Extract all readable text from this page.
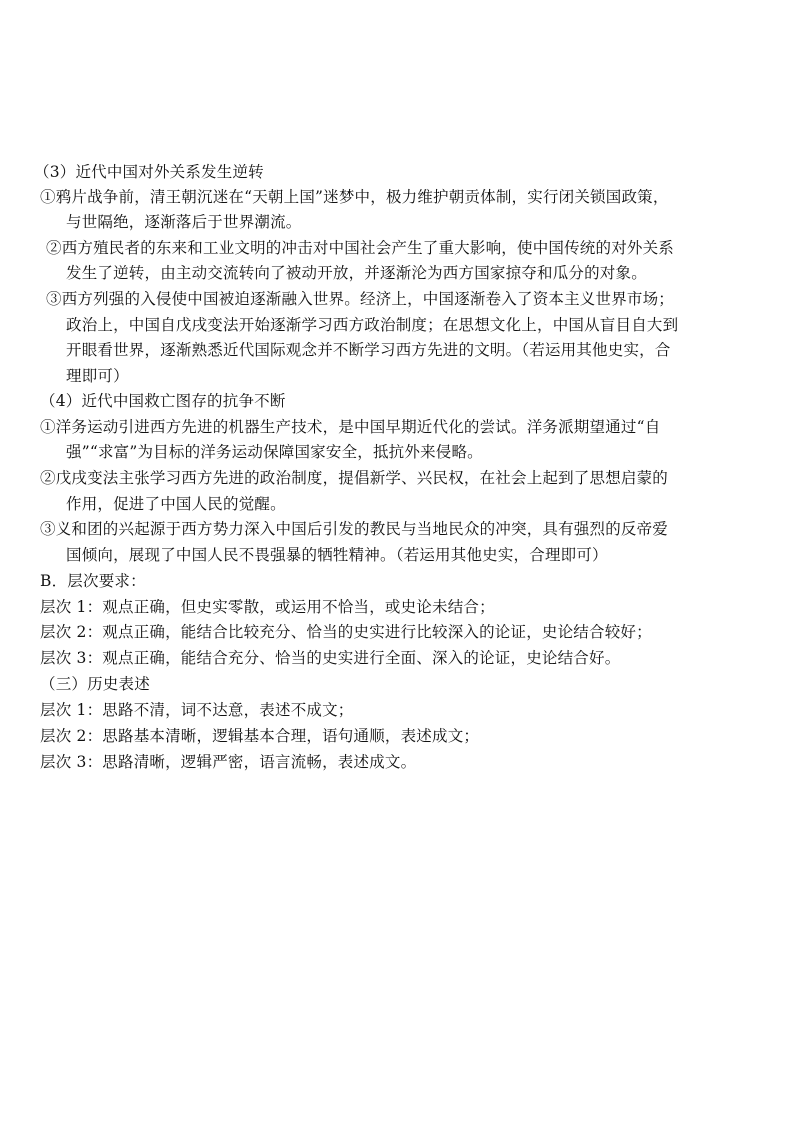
（3）近代中国对外关系发生逆转
①鸦片战争前，清王朝沉迷在“天朝上国”迷梦中，极力维护朝贡体制，实行闭关锁国政策，
与世隔绝，逐渐落后于世界潮流。
②西方殖民者的东来和工业文明的冲击对中国社会产生了重大影响，使中国传统的对外关系
发生了逆转，由主动交流转向了被动开放，并逐渐沦为西方国家掠夺和瓜分的对象。
③西方列强的入侵使中国被迫逐渐融入世界。经济上，中国逐渐卷入了资本主义世界市场；
政治上，中国自戊戌变法开始逐渐学习西方政治制度；在思想文化上，中国从盲目自大到
开眼看世界，逐渐熟悉近代国际观念并不断学习西方先进的文明。（若运用其他史实，合
理即可）
（4）近代中国救亡图存的抗争不断
①洋务运动引进西方先进的机器生产技术，是中国早期近代化的尝试。洋务派期望通过“自
强”“求富”为目标的洋务运动保障国家安全，抵抗外来侵略。
②戊戌变法主张学习西方先进的政治制度，提倡新学、兴民权，在社会上起到了思想启蒙的
作用，促进了中国人民的觉醒。
③义和团的兴起源于西方势力深入中国后引发的教民与当地民众的冲突，具有强烈的反帝爱
国倾向，展现了中国人民不畏强暴的牺牲精神。（若运用其他史实，合理即可）
B．层次要求：
层次 1：观点正确，但史实零散，或运用不恰当，或史论未结合；
层次 2：观点正确，能结合比较充分、恰当的史实进行比较深入的论证，史论结合较好；
层次 3：观点正确，能结合充分、恰当的史实进行全面、深入的论证，史论结合好。
（三）历史表述
层次 1：思路不清，词不达意，表述不成文；
层次 2：思路基本清晰，逻辑基本合理，语句通顺，表述成文；
层次 3：思路清晰，逻辑严密，语言流畅，表述成文。
